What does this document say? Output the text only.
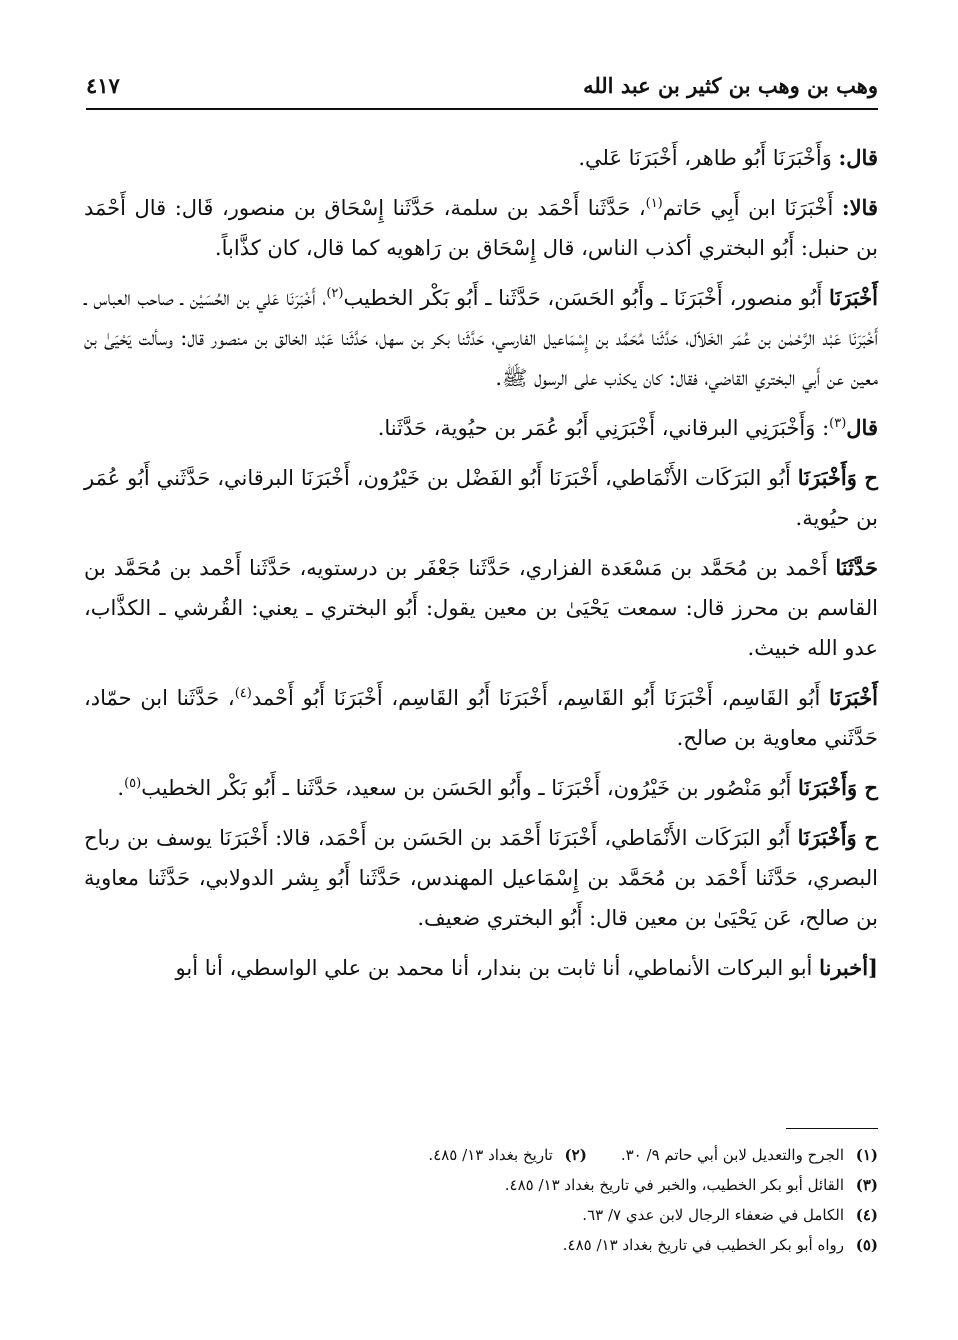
وهب بن وهب بن كثير بن عبد الله
٤١٧

قال: وَأَخْبَرَنَا أَبُو طاهر، أَخْبَرَنَا عَلي.

قالا: أَخْبَرَنَا ابن أَبِي حَاتم$^{(١)}$، حَدَّثَنا أَحْمَد بن سلمة، حَدَّثَنا إِسْحَاق بن منصور، قَال: قال أَحْمَد بن حنبل: أَبُو البختري أكذب الناس، قال إِسْحَاق بن رَاهويه كما قال، كان كذَّاباً.

أَخْبَرَنَا أَبُو منصور، أَخْبَرَنَا ـ وأَبُو الحَسَن، حَدَّثَنا ـ أَبُو بَكْر الخطيب$^{(٢)}$، أَخْبَرَنَا عَلي بن الحُسَيْن ـ صاحب العباس ـ أَخْبَرَنَا عَبْد الرَّحْمٰن بن عُمَر الخَلاّل، حَدَّثَنا مُحَمَّد بن إِسْمَاعيل الفارسي، حَدَّثَنا بكر بن سهل، حَدَّثَنا عَبْد الخالق بن منصور قال: وسألت يَحْيَىٰ بن معين عن أَبي البختري القاضي، فقال: كان يكذب على الرسول ﷺ.

قال$^{(٣)}$: وَأَخْبَرَنِي البرقاني، أَخْبَرَنِي أَبُو عُمَر بن حيُوية، حَدَّثَنا.

ح وَأَخْبَرَنَا أَبُو البَرَكَات الأَنْمَاطي، أَخْبَرَنَا أَبُو الفَضْل بن خَيْرُون، أَخْبَرَنَا البرقاني، حَدَّثَني أَبُو عُمَر بن حيُوية.

حَدَّثَنَا أَحْمد بن مُحَمَّد بن مَسْعَدة الفزاري، حَدَّثَنا جَعْفَر بن درستويه، حَدَّثَنا أَحْمد بن مُحَمَّد بن القاسم بن محرز قال: سمعت يَحْيَىٰ بن معين يقول: أَبُو البختري ـ يعني: القُرشي ـ الكذَّاب، عدو الله خبيث.

أَخْبَرَنَا أَبُو القَاسِم، أَخْبَرَنَا أَبُو القَاسِم، أَخْبَرَنَا أَبُو القَاسِم، أَخْبَرَنَا أَبُو أَحْمد$^{(٤)}$، حَدَّثَنا ابن حمّاد، حَدَّثَني معاوية بن صالح.

ح وَأَخْبَرَنَا أَبُو مَنْصُور بن خَيْرُون، أَخْبَرَنَا ـ وأَبُو الحَسَن بن سعيد، حَدَّثَنا ـ أَبُو بَكْر الخطيب$^{(٥)}$.

ح وَأَخْبَرَنَا أَبُو البَرَكَات الأَنْمَاطي، أَخْبَرَنَا أَحْمَد بن الحَسَن بن أَحْمَد، قالا: أَخْبَرَنَا يوسف بن رباح البصري، حَدَّثَنا أَحْمَد بن مُحَمَّد بن إِسْمَاعيل المهندس، حَدَّثَنا أَبُو بِشر الدولابي، حَدَّثَنا معاوية بن صالح، عَن يَحْيَىٰ بن معين قال: أَبُو البختري ضعيف.

[أخبرنا أبو البركات الأنماطي، أنا ثابت بن بندار، أنا محمد بن علي الواسطي، أنا أبو

(١)الجرح والتعديل لابن أبي حاتم ٩/ ٣٠.(٢)تاريخ بغداد ١٣/ ٤٨٥.
(٣)القائل أبو بكر الخطيب، والخبر في تاريخ بغداد ١٣/ ٤٨٥.
(٤)الكامل في ضعفاء الرجال لابن عدي ٧/ ٦٣.
(٥)رواه أبو بكر الخطيب في تاريخ بغداد ١٣/ ٤٨٥.
